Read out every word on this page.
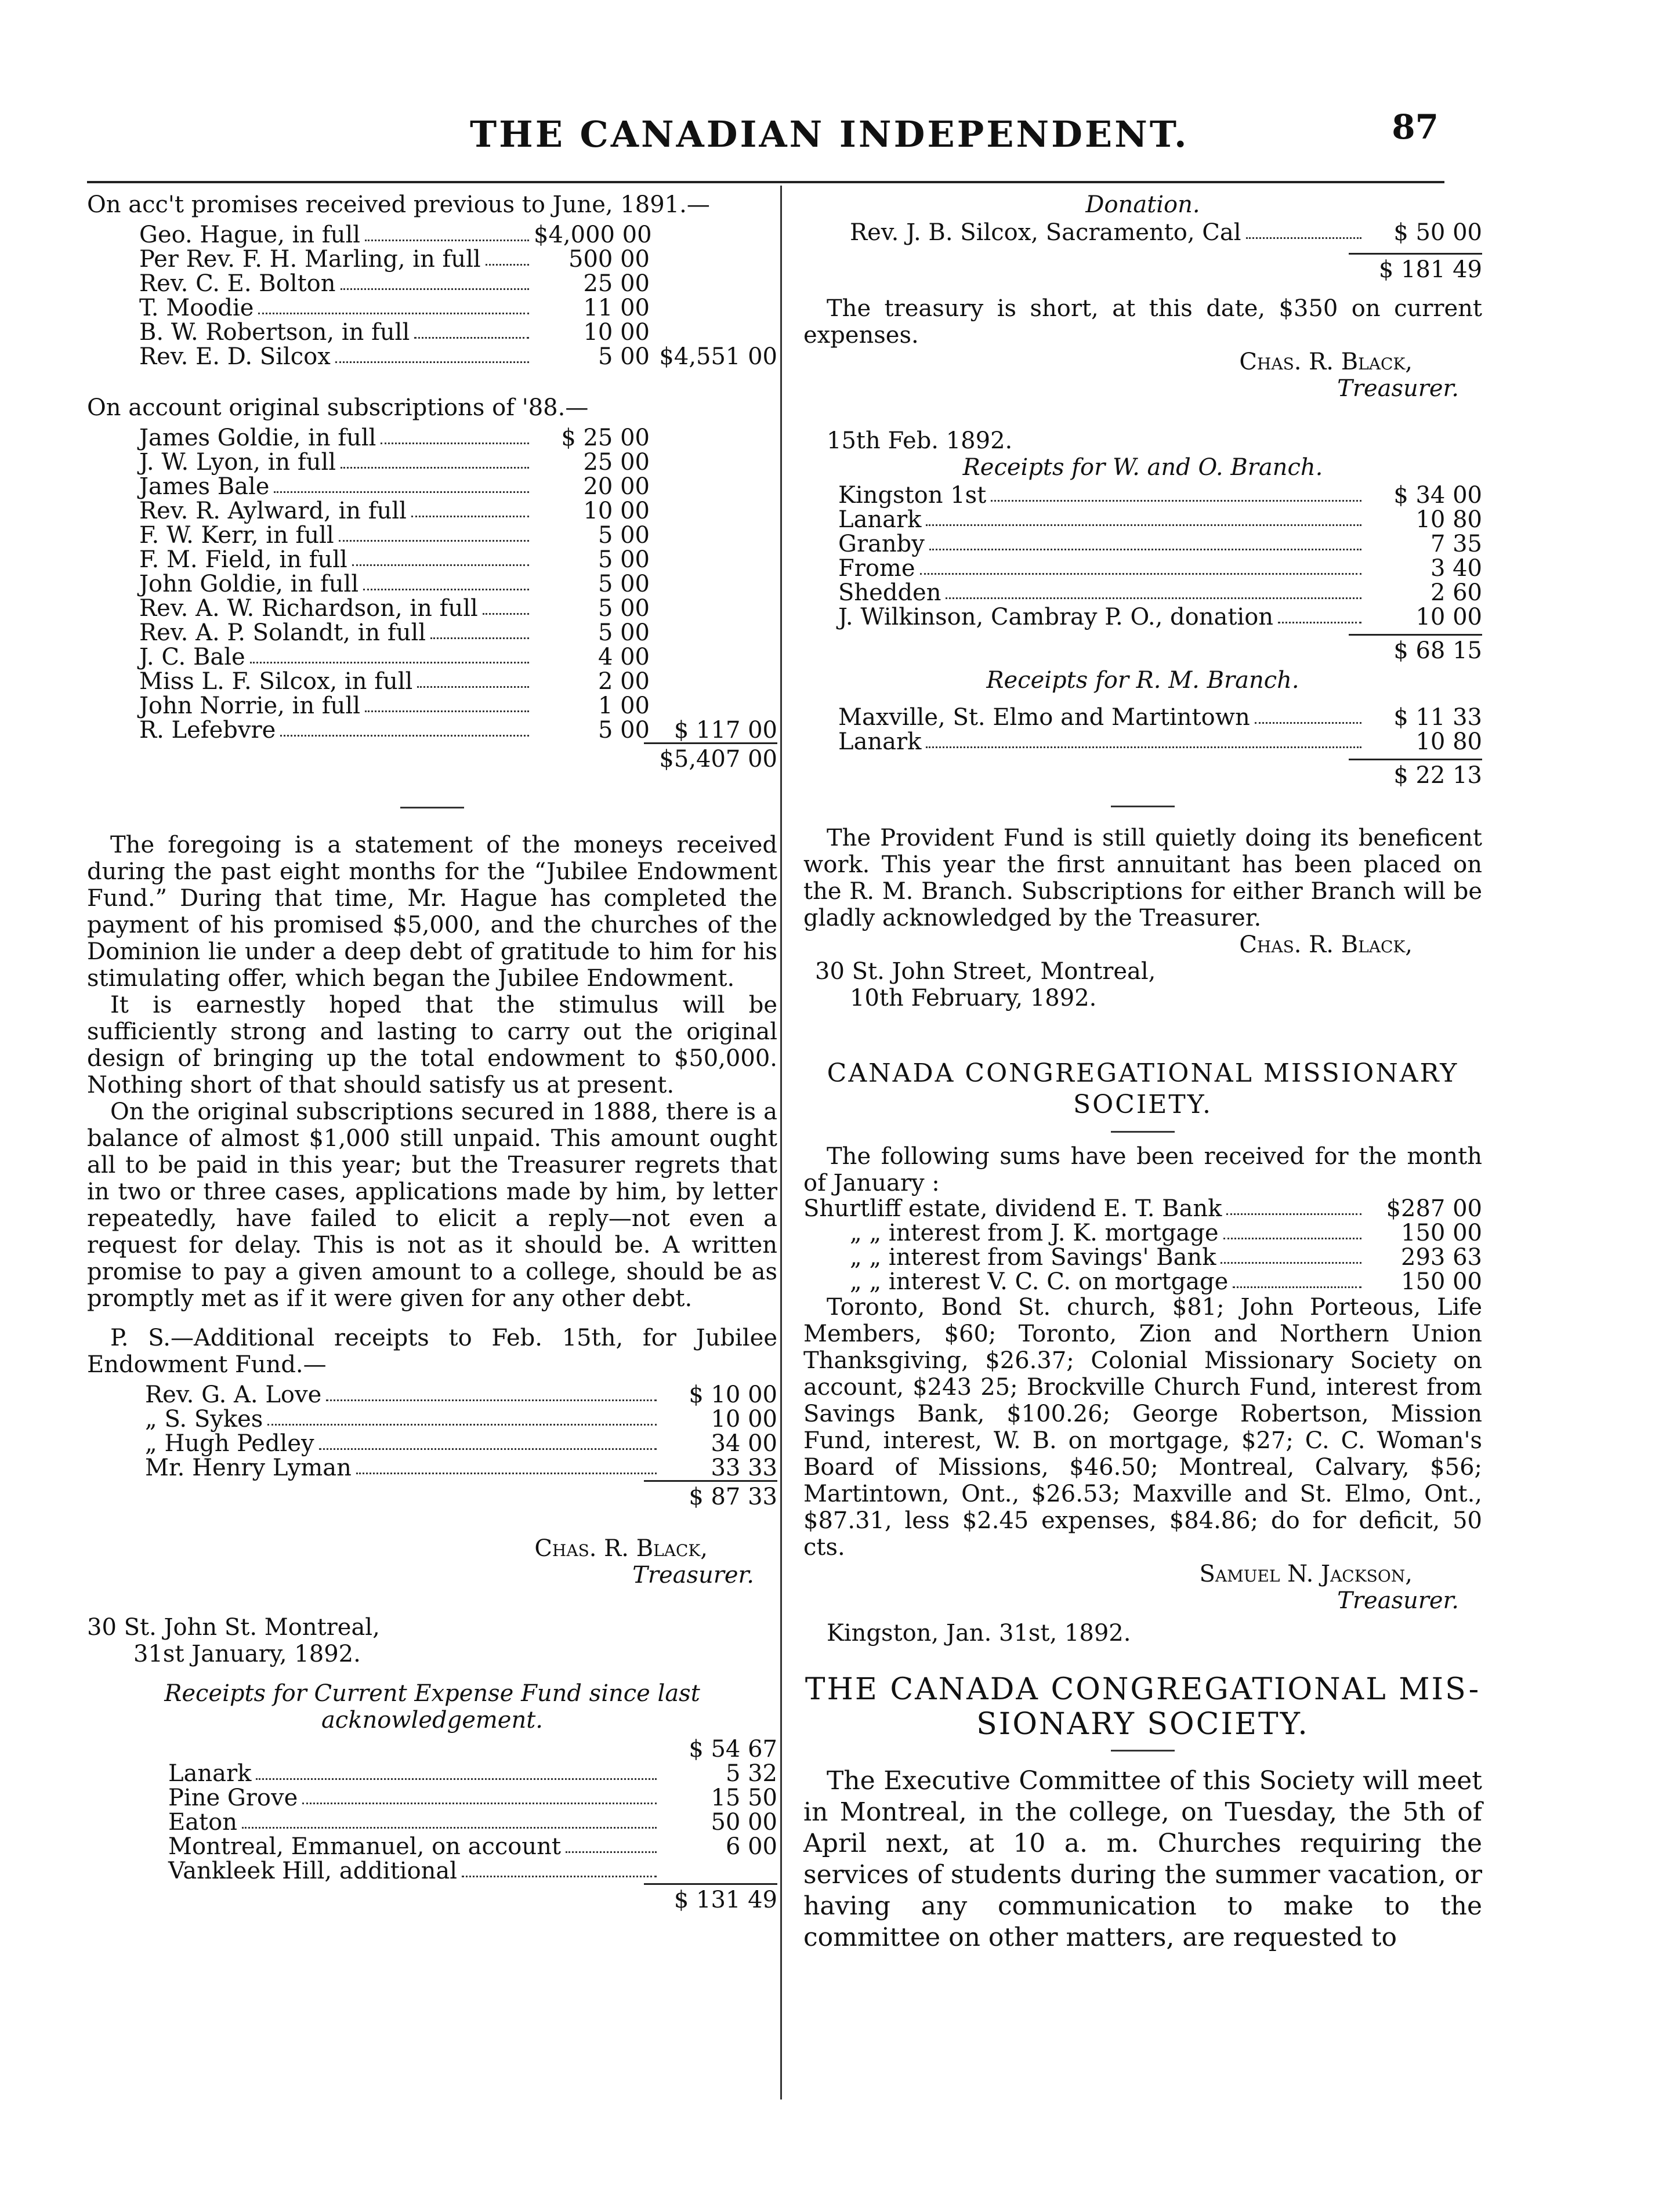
THE CANADIAN INDEPENDENT.	87
On acc't promises received previous to June, 1891.—
Geo. Hague, in full	$4,000 00
Per Rev. F. H. Marling, in full	500 00
Rev. C. E. Bolton	25 00
T. Moodie	11 00
B. W. Robertson, in full	10 00
Rev. E. D. Silcox	5 00 $4,551 00
On account original subscriptions of '88.—
James Goldie, in full	$ 25 00
J. W. Lyon, in full	25 00
James Bale	20 00
Rev. R. Aylward, in full	10 00
F. W. Kerr, in full	5 00
F. M. Field, in full	5 00
John Goldie, in full	5 00
Rev. A. W. Richardson, in full	5 00
Rev. A. P. Solandt, in full	5 00
J. C. Bale	4 00
Miss L. F. Silcox, in full	2 00
John Norrie, in full	1 00
R. Lefebvre	5 00	$ 117 00
$5,407 00
The foregoing is a statement of the moneys received during the past eight months for the “Jubilee Endowment Fund.” During that time, Mr. Hague has completed the payment of his promised $5,000, and the churches of the Dominion lie under a deep debt of gratitude to him for his stimulating offer, which began the Jubilee Endowment.
It is earnestly hoped that the stimulus will be sufficiently strong and lasting to carry out the original design of bringing up the total endowment to $50,000. Nothing short of that should satisfy us at present.
On the original subscriptions secured in 1888, there is a balance of almost $1,000 still unpaid. This amount ought all to be paid in this year; but the Treasurer regrets that in two or three cases, applications made by him, by letter repeatedly, have failed to elicit a reply—not even a request for delay. This is not as it should be. A written promise to pay a given amount to a college, should be as promptly met as if it were given for any other debt.
P. S.—Additional receipts to Feb. 15th, for Jubilee Endowment Fund.—
Rev. G. A. Love	$ 10 00
„ S. Sykes	10 00
„ Hugh Pedley	34 00
Mr. Henry Lyman	33 33
$ 87 33
Chas. R. Black,
Treasurer.
30 St. John St. Montreal,
31st January, 1892.
Receipts for Current Expense Fund since last
acknowledgement.
$ 54 67
Lanark	5 32
Pine Grove	15 50
Eaton	50 00
Montreal, Emmanuel, on account	6 00
Vankleek Hill, additional
$ 131 49
Donation.
Rev. J. B. Silcox, Sacramento, Cal	$ 50 00
$ 181 49
The treasury is short, at this date, $350 on current expenses.
Chas. R. Black,
Treasurer.
15th Feb. 1892.
Receipts for W. and O. Branch.
Kingston 1st	$ 34 00
Lanark	10 80
Granby	7 35
Frome	3 40
Shedden	2 60
J. Wilkinson, Cambray P. O., donation	10 00
$ 68 15
Receipts for R. M. Branch.
Maxville, St. Elmo and Martintown	$ 11 33
Lanark	10 80
$ 22 13
The Provident Fund is still quietly doing its beneficent work. This year the first annuitant has been placed on the R. M. Branch. Subscriptions for either Branch will be gladly acknowledged by the Treasurer.
Chas. R. Black,
30 St. John Street, Montreal,
10th February, 1892.
CANADA CONGREGATIONAL MISSIONARY
SOCIETY.
The following sums have been received for the month of January :
Shurtliff estate, dividend E. T. Bank	$287 00
„ „ interest from J. K. mortgage	150 00
„ „ interest from Savings' Bank	293 63
„ „ interest V. C. C. on mortgage	150 00
Toronto, Bond St. church, $81; John Porteous, Life Members, $60; Toronto, Zion and Northern Union Thanksgiving, $26.37; Colonial Missionary Society on account, $243 25; Brockville Church Fund, interest from Savings Bank, $100.26; George Robertson, Mission Fund, interest, W. B. on mortgage, $27; C. C. Woman's Board of Missions, $46.50; Montreal, Calvary, $56; Martintown, Ont., $26.53; Maxville and St. Elmo, Ont., $87.31, less $2.45 expenses, $84.86; do for deficit, 50 cts.
Samuel N. Jackson,
Treasurer.
Kingston, Jan. 31st, 1892.
THE CANADA CONGREGATIONAL MIS-
SIONARY SOCIETY.
The Executive Committee of this Society will meet in Montreal, in the college, on Tuesday, the 5th of April next, at 10 a. m. Churches requiring the services of students during the summer vacation, or having any communication to make to the committee on other matters, are requested to
